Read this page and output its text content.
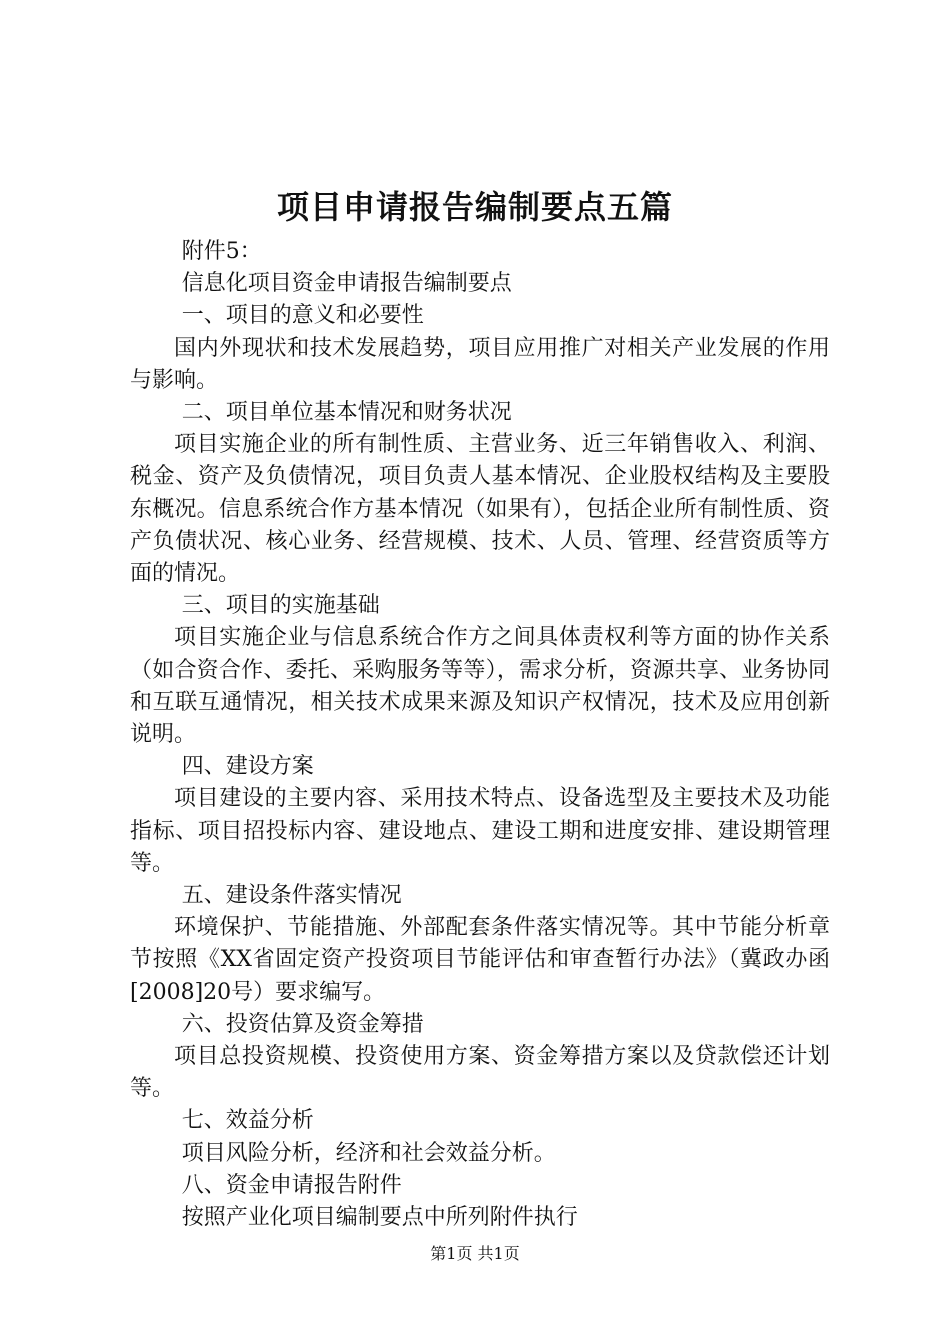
项目申请报告编制要点五篇

附件5：

信息化项目资金申请报告编制要点

一、项目的意义和必要性

国内外现状和技术发展趋势，项目应用推广对相关产业发展的作用与影响。

二、项目单位基本情况和财务状况

项目实施企业的所有制性质、主营业务、近三年销售收入、利润、税金、资产及负债情况，项目负责人基本情况、企业股权结构及主要股东概况。信息系统合作方基本情况（如果有），包括企业所有制性质、资产负债状况、核心业务、经营规模、技术、人员、管理、经营资质等方面的情况。

三、项目的实施基础

项目实施企业与信息系统合作方之间具体责权利等方面的协作关系（如合资合作、委托、采购服务等等），需求分析，资源共享、业务协同和互联互通情况，相关技术成果来源及知识产权情况，技术及应用创新说明。

四、建设方案

项目建设的主要内容、采用技术特点、设备选型及主要技术及功能指标、项目招投标内容、建设地点、建设工期和进度安排、建设期管理等。

五、建设条件落实情况

环境保护、节能措施、外部配套条件落实情况等。其中节能分析章节按照《XX省固定资产投资项目节能评估和审查暂行办法》（冀政办函[2008]20号）要求编写。

六、投资估算及资金筹措

项目总投资规模、投资使用方案、资金筹措方案以及贷款偿还计划等。

七、效益分析

项目风险分析，经济和社会效益分析。

八、资金申请报告附件

按照产业化项目编制要点中所列附件执行

第1页 共1页
